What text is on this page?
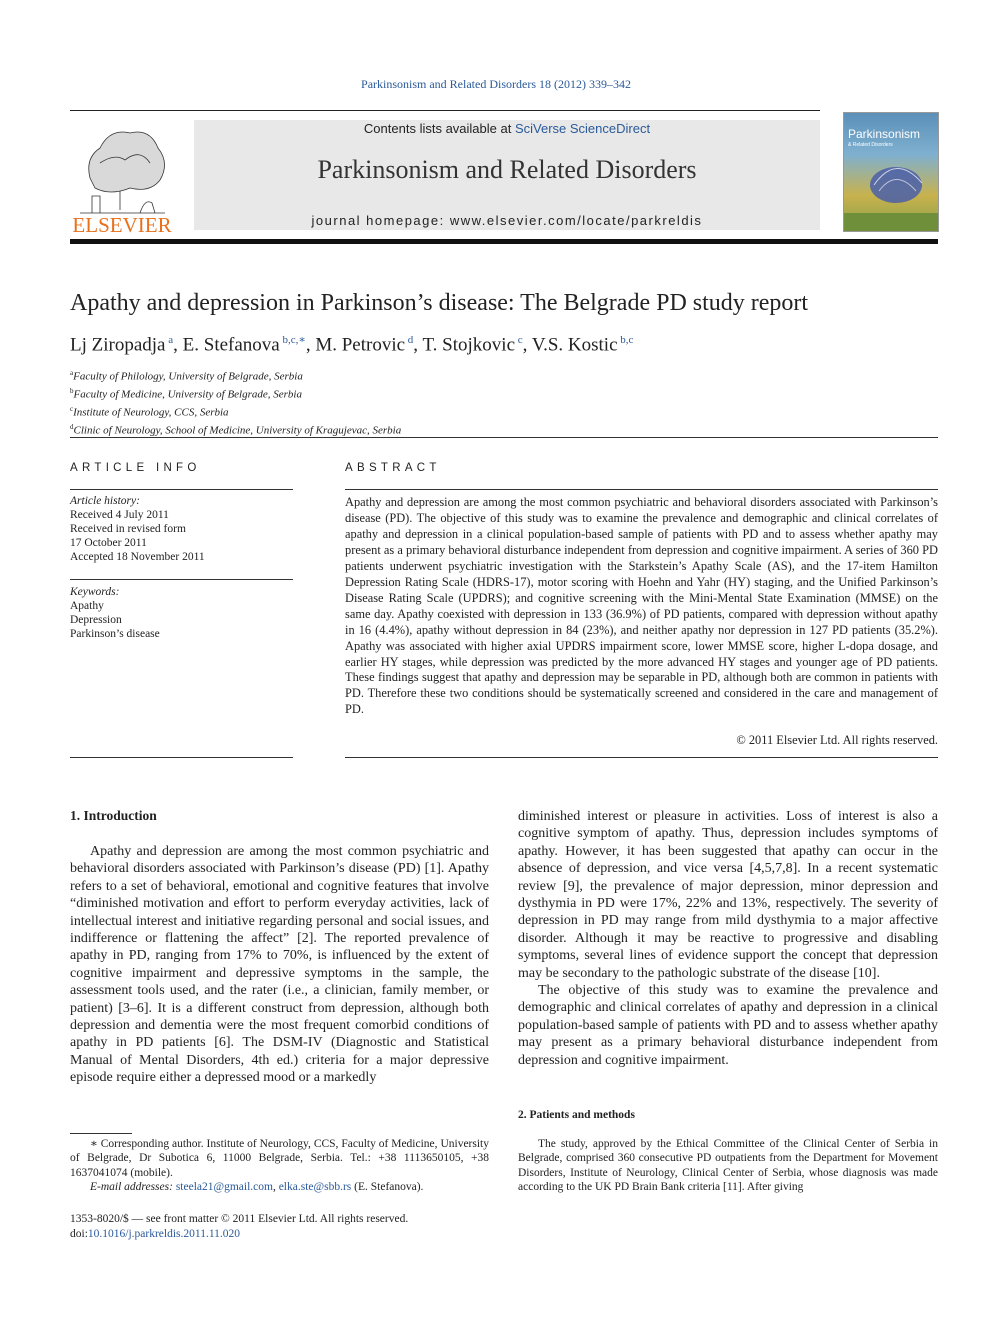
Parkinsonism and Related Disorders 18 (2012) 339–342
ELSEVIER
Contents lists available at SciVerse ScienceDirect
Parkinsonism and Related Disorders
journal homepage: www.elsevier.com/locate/parkreldis
Parkinsonism
& Related Disorders
Apathy and depression in Parkinson’s disease: The Belgrade PD study report
Lj Ziropadja $^a$, E. Stefanova $^{b,c,∗}$, M. Petrovic $^d$, T. Stojkovic $^c$, V.S. Kostic $^{b,c}$
$^a$Faculty of Philology, University of Belgrade, Serbia
$^b$Faculty of Medicine, University of Belgrade, Serbia
$^c$Institute of Neurology, CCS, Serbia
$^d$Clinic of Neurology, School of Medicine, University of Kragujevac, Serbia
ARTICLE INFO
Article history:
Received 4 July 2011
Received in revised form
17 October 2011
Accepted 18 November 2011
Keywords:
Apathy
Depression
Parkinson’s disease
ABSTRACT
Apathy and depression are among the most common psychiatric and behavioral disorders associated with Parkinson’s disease (PD). The objective of this study was to examine the prevalence and demographic and clinical correlates of apathy and depression in a clinical population-based sample of patients with PD and to assess whether apathy may present as a primary behavioral disturbance independent from depression and cognitive impairment. A series of 360 PD patients underwent psychiatric investigation with the Starkstein’s Apathy Scale (AS), and the 17-item Hamilton Depression Rating Scale (HDRS-17), motor scoring with Hoehn and Yahr (HY) staging, and the Unified Parkinson’s Disease Rating Scale (UPDRS); and cognitive screening with the Mini-Mental State Examination (MMSE) on the same day. Apathy coexisted with depression in 133 (36.9%) of PD patients, compared with depression without apathy in 16 (4.4%), apathy without depression in 84 (23%), and neither apathy nor depression in 127 PD patients (35.2%). Apathy was associated with higher axial UPDRS impairment score, lower MMSE score, higher L-dopa dosage, and earlier HY stages, while depression was predicted by the more advanced HY stages and younger age of PD patients. These findings suggest that apathy and depression may be separable in PD, although both are common in patients with PD. Therefore these two conditions should be systematically screened and considered in the care and management of PD.
© 2011 Elsevier Ltd. All rights reserved.
1. Introduction

Apathy and depression are among the most common psychiatric and behavioral disorders associated with Parkinson’s disease (PD) [1]. Apathy refers to a set of behavioral, emotional and cognitive features that involve “diminished motivation and effort to perform everyday activities, lack of intellectual interest and initiative regarding personal and social issues, and indifference or flattening the affect” [2]. The reported prevalence of apathy in PD, ranging from 17% to 70%, is influenced by the extent of cognitive impairment and depressive symptoms in the sample, the assessment tools used, and the rater (i.e., a clinician, family member, or patient) [3–6]. It is a different construct from depression, although both depression and dementia were the most frequent comorbid conditions of apathy in PD patients [6]. The DSM-IV (Diagnostic and Statistical Manual of Mental Disorders, 4th ed.) criteria for a major depressive episode require either a depressed mood or a markedly

diminished interest or pleasure in activities. Loss of interest is also a cognitive symptom of apathy. Thus, depression includes symptoms of apathy. However, it has been suggested that apathy can occur in the absence of depression, and vice versa [4,5,7,8]. In a recent systematic review [9], the prevalence of major depression, minor depression and dysthymia in PD were 17%, 22% and 13%, respectively. The severity of depression in PD may range from mild dysthymia to a major affective disorder. Although it may be reactive to progressive and disabling symptoms, several lines of evidence support the concept that depression may be secondary to the pathologic substrate of the disease [10].

The objective of this study was to examine the prevalence and demographic and clinical correlates of apathy and depression in a clinical population-based sample of patients with PD and to assess whether apathy may present as a primary behavioral disturbance independent from depression and cognitive impairment.

2. Patients and methods

The study, approved by the Ethical Committee of the Clinical Center of Serbia in Belgrade, comprised 360 consecutive PD outpatients from the Department for Movement Disorders, Institute of Neurology, Clinical Center of Serbia, whose diagnosis was made according to the UK PD Brain Bank criteria [11]. After giving

∗ Corresponding author. Institute of Neurology, CCS, Faculty of Medicine, University of Belgrade, Dr Subotica 6, 11000 Belgrade, Serbia. Tel.: +38 1113650105, +38 1637041074 (mobile).

E-mail addresses: steela21@gmail.com, elka.ste@sbb.rs (E. Stefanova).

1353-8020/$ — see front matter © 2011 Elsevier Ltd. All rights reserved.
doi:10.1016/j.parkreldis.2011.11.020
